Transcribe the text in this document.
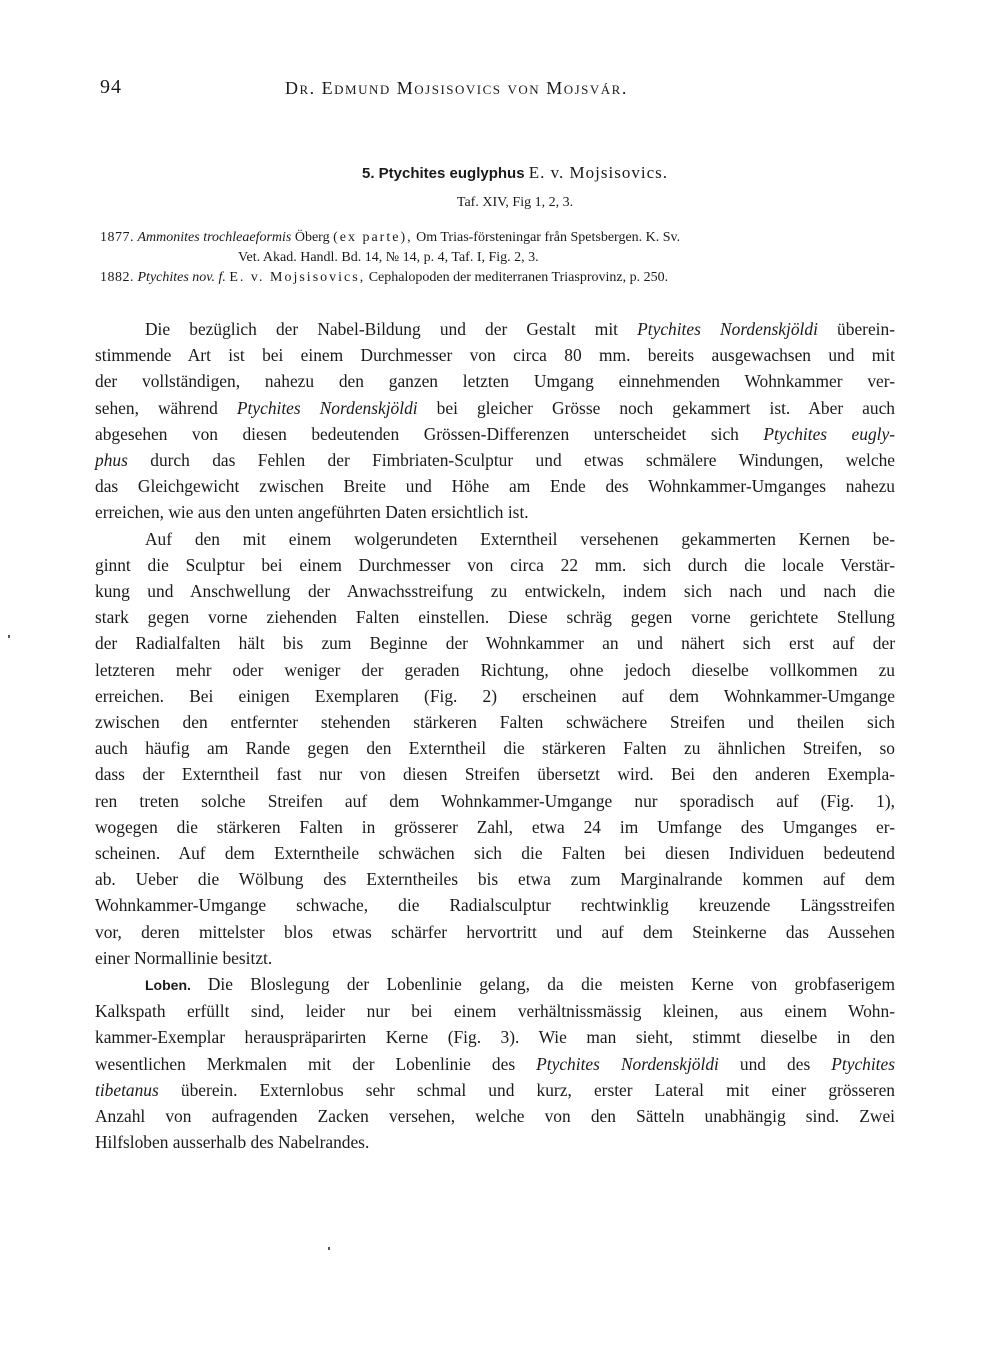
94	Dr. Edmund Mojsisovics von Mojsvár.
5. Ptychites euglyphus E. v. Mojsisovics.
Taf. XIV, Fig 1, 2, 3.
1877. Ammonites trochleaeformis Öberg (ex parte), Om Trias-försteningar från Spetsbergen. K. Sv.
Vet. Akad. Handl. Bd. 14, № 14, p. 4, Taf. I, Fig. 2, 3.
1882. Ptychites nov. f. E. v. Mojsisovics, Cephalopoden der mediterranen Triasprovinz, p. 250.
Die bezüglich der Nabel-Bildung und der Gestalt mit Ptychites Nordenskjöldi überein-
stimmende Art ist bei einem Durchmesser von circa 80 mm. bereits ausgewachsen und mit
der vollständigen, nahezu den ganzen letzten Umgang einnehmenden Wohnkammer ver-
sehen, während Ptychites Nordenskjöldi bei gleicher Grösse noch gekammert ist. Aber auch
abgesehen von diesen bedeutenden Grössen-Differenzen unterscheidet sich Ptychites eugly-
phus durch das Fehlen der Fimbriaten-Sculptur und etwas schmälere Windungen, welche
das Gleichgewicht zwischen Breite und Höhe am Ende des Wohnkammer-Umganges nahezu
erreichen, wie aus den unten angeführten Daten ersichtlich ist.
Auf den mit einem wolgerundeten Externtheil versehenen gekammerten Kernen be-
ginnt die Sculptur bei einem Durchmesser von circa 22 mm. sich durch die locale Verstär-
kung und Anschwellung der Anwachsstreifung zu entwickeln, indem sich nach und nach die
stark gegen vorne ziehenden Falten einstellen. Diese schräg gegen vorne gerichtete Stellung
der Radialfalten hält bis zum Beginne der Wohnkammer an und nähert sich erst auf der
letzteren mehr oder weniger der geraden Richtung, ohne jedoch dieselbe vollkommen zu
erreichen. Bei einigen Exemplaren (Fig. 2) erscheinen auf dem Wohnkammer-Umgange
zwischen den entfernter stehenden stärkeren Falten schwächere Streifen und theilen sich
auch häufig am Rande gegen den Externtheil die stärkeren Falten zu ähnlichen Streifen, so
dass der Externtheil fast nur von diesen Streifen übersetzt wird. Bei den anderen Exempla-
ren treten solche Streifen auf dem Wohnkammer-Umgange nur sporadisch auf (Fig. 1),
wogegen die stärkeren Falten in grösserer Zahl, etwa 24 im Umfange des Umganges er-
scheinen. Auf dem Externtheile schwächen sich die Falten bei diesen Individuen bedeutend
ab. Ueber die Wölbung des Externtheiles bis etwa zum Marginalrande kommen auf dem
Wohnkammer-Umgange schwache, die Radialsculptur rechtwinklig kreuzende Längsstreifen
vor, deren mittelster blos etwas schärfer hervortritt und auf dem Steinkerne das Aussehen
einer Normallinie besitzt.
Loben. Die Bloslegung der Lobenlinie gelang, da die meisten Kerne von grobfaserigem
Kalkspath erfüllt sind, leider nur bei einem verhältnissmässig kleinen, aus einem Wohn-
kammer-Exemplar herauspräparirten Kerne (Fig. 3). Wie man sieht, stimmt dieselbe in den
wesentlichen Merkmalen mit der Lobenlinie des Ptychites Nordenskjöldi und des Ptychites
tibetanus überein. Externlobus sehr schmal und kurz, erster Lateral mit einer grösseren
Anzahl von aufragenden Zacken versehen, welche von den Sätteln unabhängig sind. Zwei
Hilfsloben ausserhalb des Nabelrandes.
